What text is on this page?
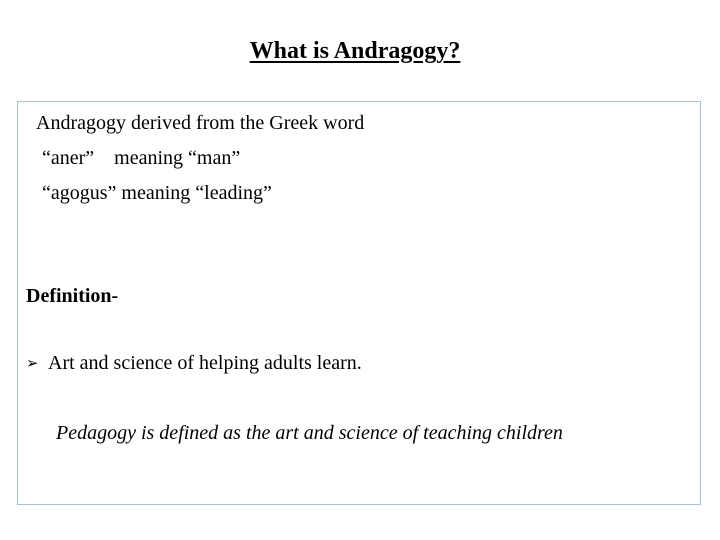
What is Andragogy?
Andragogy derived from the Greek word
“aner”    meaning “man”
“agogus” meaning “leading”
Definition-
➢ Art and science of helping adults learn.
Pedagogy is defined as the art and science of teaching children
